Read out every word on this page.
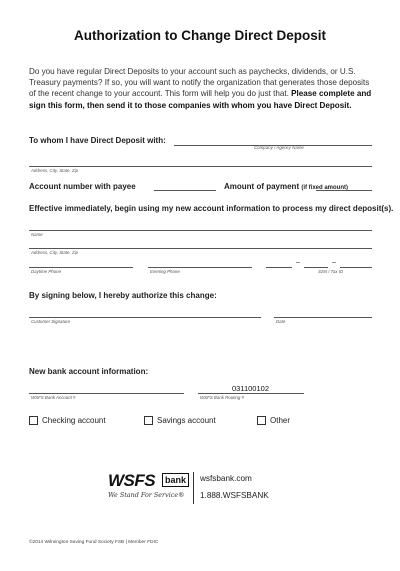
Authorization to Change Direct Deposit
Do you have regular Direct Deposits to your account such as paychecks, dividends, or U.S. Treasury payments? If so, you will want to notify the organization that generates those deposits of the recent change to your account. This form will help you do just that. Please complete and sign this form, then send it to those companies with whom you have Direct Deposit.
To whom I have Direct Deposit with:
Company / Agency Name
Address, City, State, Zip
Account number with payee	Amount of payment (if fixed amount)
Effective immediately, begin using my new account information to process my direct deposit(s).
Name
Address, City, State, Zip
Daytime Phone	Evening Phone
–	–
SSN / Tax ID
By signing below, I hereby authorize this change:
Customer Signature	Date
New bank account information:
WSFS Bank Account #
031100102
WSFS Bank Routing #
Checking account	Savings account	Other
WSFS	bank
We Stand For Service®
wsfsbank.com
1.888.WSFSBANK
©2014 Wilmington Saving Fund Society FSB | Member FDIC
